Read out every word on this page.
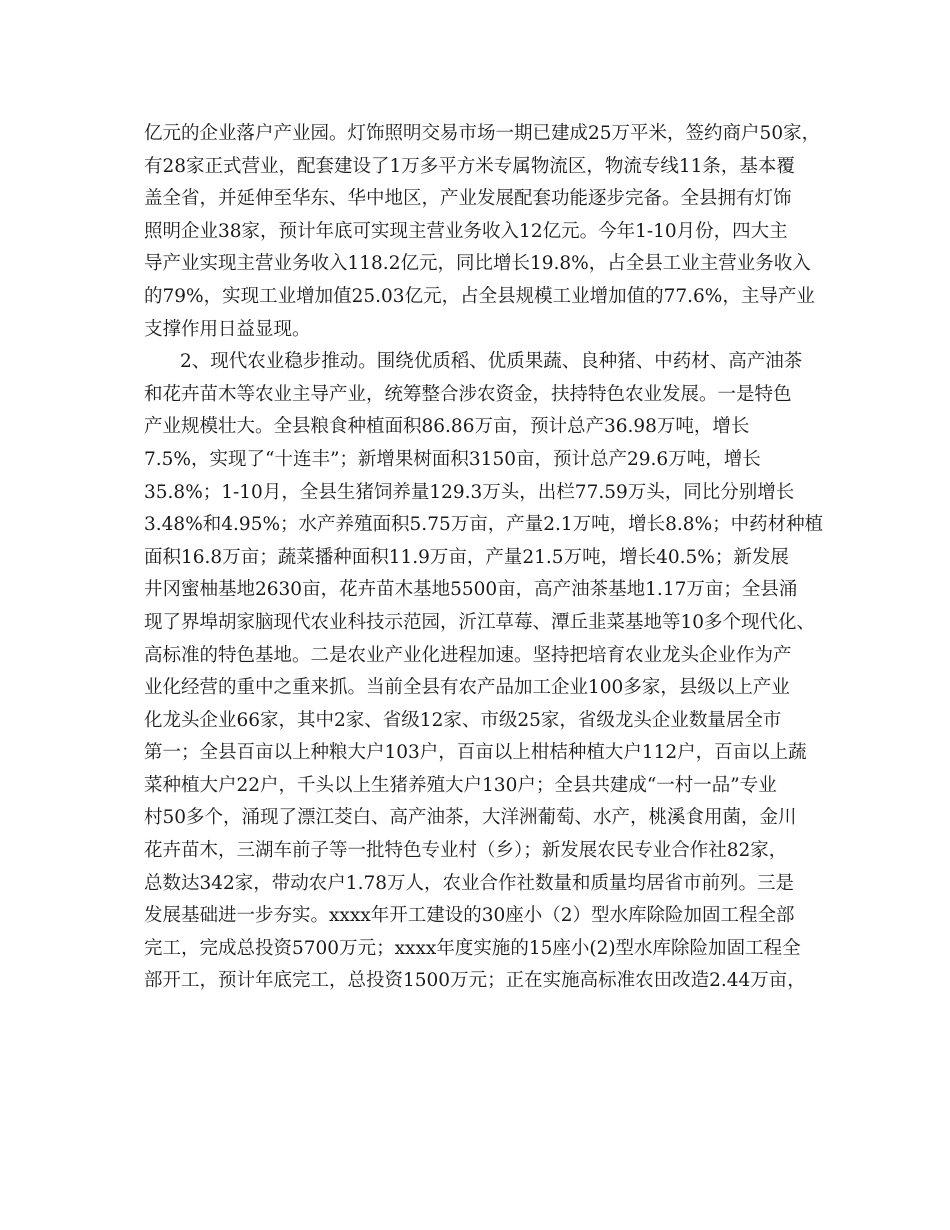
亿元的企业落户产业园。灯饰照明交易市场一期已建成25万平米，签约商户50家，
有28家正式营业，配套建设了1万多平方米专属物流区，物流专线11条，基本覆
盖全省，并延伸至华东、华中地区，产业发展配套功能逐步完备。全县拥有灯饰
照明企业38家，预计年底可实现主营业务收入12亿元。今年1-10月份，四大主
导产业实现主营业务收入118.2亿元，同比增长19.8%，占全县工业主营业务收入
的79%，实现工业增加值25.03亿元，占全县规模工业增加值的77.6%，主导产业
支撑作用日益显现。
2、现代农业稳步推动。围绕优质稻、优质果蔬、良种猪、中药材、高产油茶
和花卉苗木等农业主导产业，统筹整合涉农资金，扶持特色农业发展。一是特色
产业规模壮大。全县粮食种植面积86.86万亩，预计总产36.98万吨，增长
7.5%，实现了“十连丰”；新增果树面积3150亩，预计总产29.6万吨，增长
35.8%；1-10月，全县生猪饲养量129.3万头，出栏77.59万头，同比分别增长
3.48%和4.95%；水产养殖面积5.75万亩，产量2.1万吨，增长8.8%；中药材种植
面积16.8万亩；蔬菜播种面积11.9万亩，产量21.5万吨，增长40.5%；新发展
井冈蜜柚基地2630亩，花卉苗木基地5500亩，高产油茶基地1.17万亩；全县涌
现了界埠胡家脑现代农业科技示范园，沂江草莓、潭丘韭菜基地等10多个现代化、
高标准的特色基地。二是农业产业化进程加速。坚持把培育农业龙头企业作为产
业化经营的重中之重来抓。当前全县有农产品加工企业100多家，县级以上产业
化龙头企业66家，其中2家、省级12家、市级25家，省级龙头企业数量居全市
第一；全县百亩以上种粮大户103户，百亩以上柑桔种植大户112户，百亩以上蔬
菜种植大户22户，千头以上生猪养殖大户130户；全县共建成“一村一品”专业
村50多个，涌现了漂江茭白、高产油茶，大洋洲葡萄、水产，桃溪食用菌，金川
花卉苗木，三湖车前子等一批特色专业村（乡）；新发展农民专业合作社82家，
总数达342家，带动农户1.78万人，农业合作社数量和质量均居省市前列。三是
发展基础进一步夯实。xxxx年开工建设的30座小（2）型水库除险加固工程全部
完工，完成总投资5700万元；xxxx年度实施的15座小(2)型水库除险加固工程全
部开工，预计年底完工，总投资1500万元；正在实施高标准农田改造2.44万亩，
